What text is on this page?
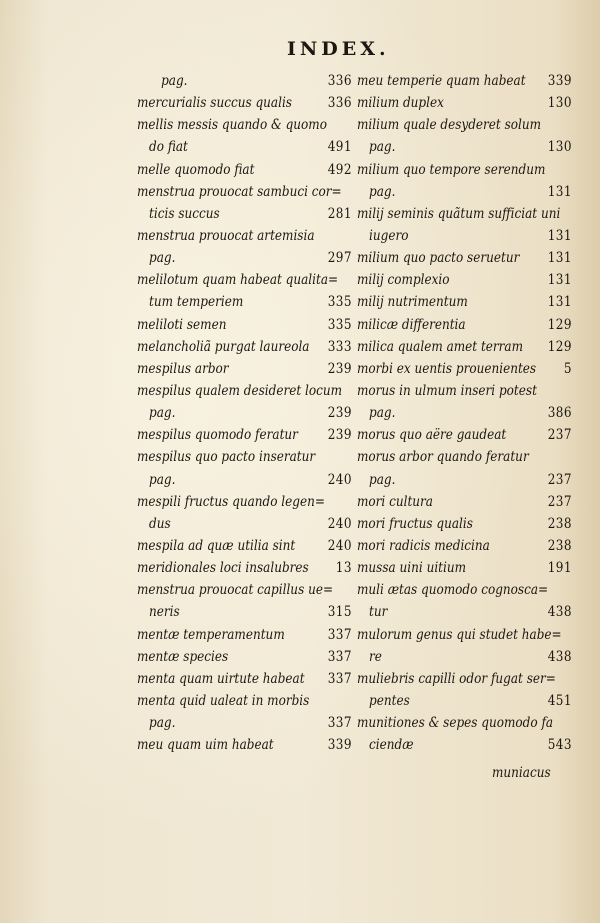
INDEX.
pag.	336
mercurialis succus qualis	336
mellis messis quando & quomo
do fiat	491
melle quomodo fiat	492
menstrua prouocat sambuci cor=
ticis succus	281
menstrua prouocat artemisia
pag.	297
melilotum quam habeat qualita=
tum temperiem	335
meliloti semen	335
melancholiã purgat laureola 333
mespilus arbor	239
mespilus qualem desideret locum
pag.	239
mespilus quomodo feratur 239
mespilus quo pacto inseratur
pag.	240
mespili fructus quando legen=
dus	240
mespila ad quæ utilia sint 240
meridionales loci insalubres 13
menstrua prouocat capillus ue=
neris	315
mentæ temperamentum	337
mentæ species	337
menta quam uirtute habeat 337
menta quid ualeat in morbis
pag.	337
meu quam uim habeat	339
meu temperie quam habeat 339
milium duplex	130
milium quale desyderet solum
pag.	130
milium quo tempore serendum
pag.	131
milij seminis quãtum sufficiat uni
iugero	131
milium quo pacto seruetur 131
milij complexio	131
milij nutrimentum	131
milicæ differentia	129
milica qualem amet terram 129
morbi ex uentis prouenientes 5
morus in ulmum inseri potest
pag.	386
morus quo aëre gaudeat	237
morus arbor quando feratur
pag.	237
mori cultura	237
mori fructus qualis	238
mori radicis medicina	238
mussa uini uitium	191
muli ætas quomodo cognosca=
tur	438
mulorum genus qui studet habe=
re	438
muliebris capilli odor fugat ser=
pentes	451
munitiones & sepes quomodo fa
ciendæ	543
muniacus
